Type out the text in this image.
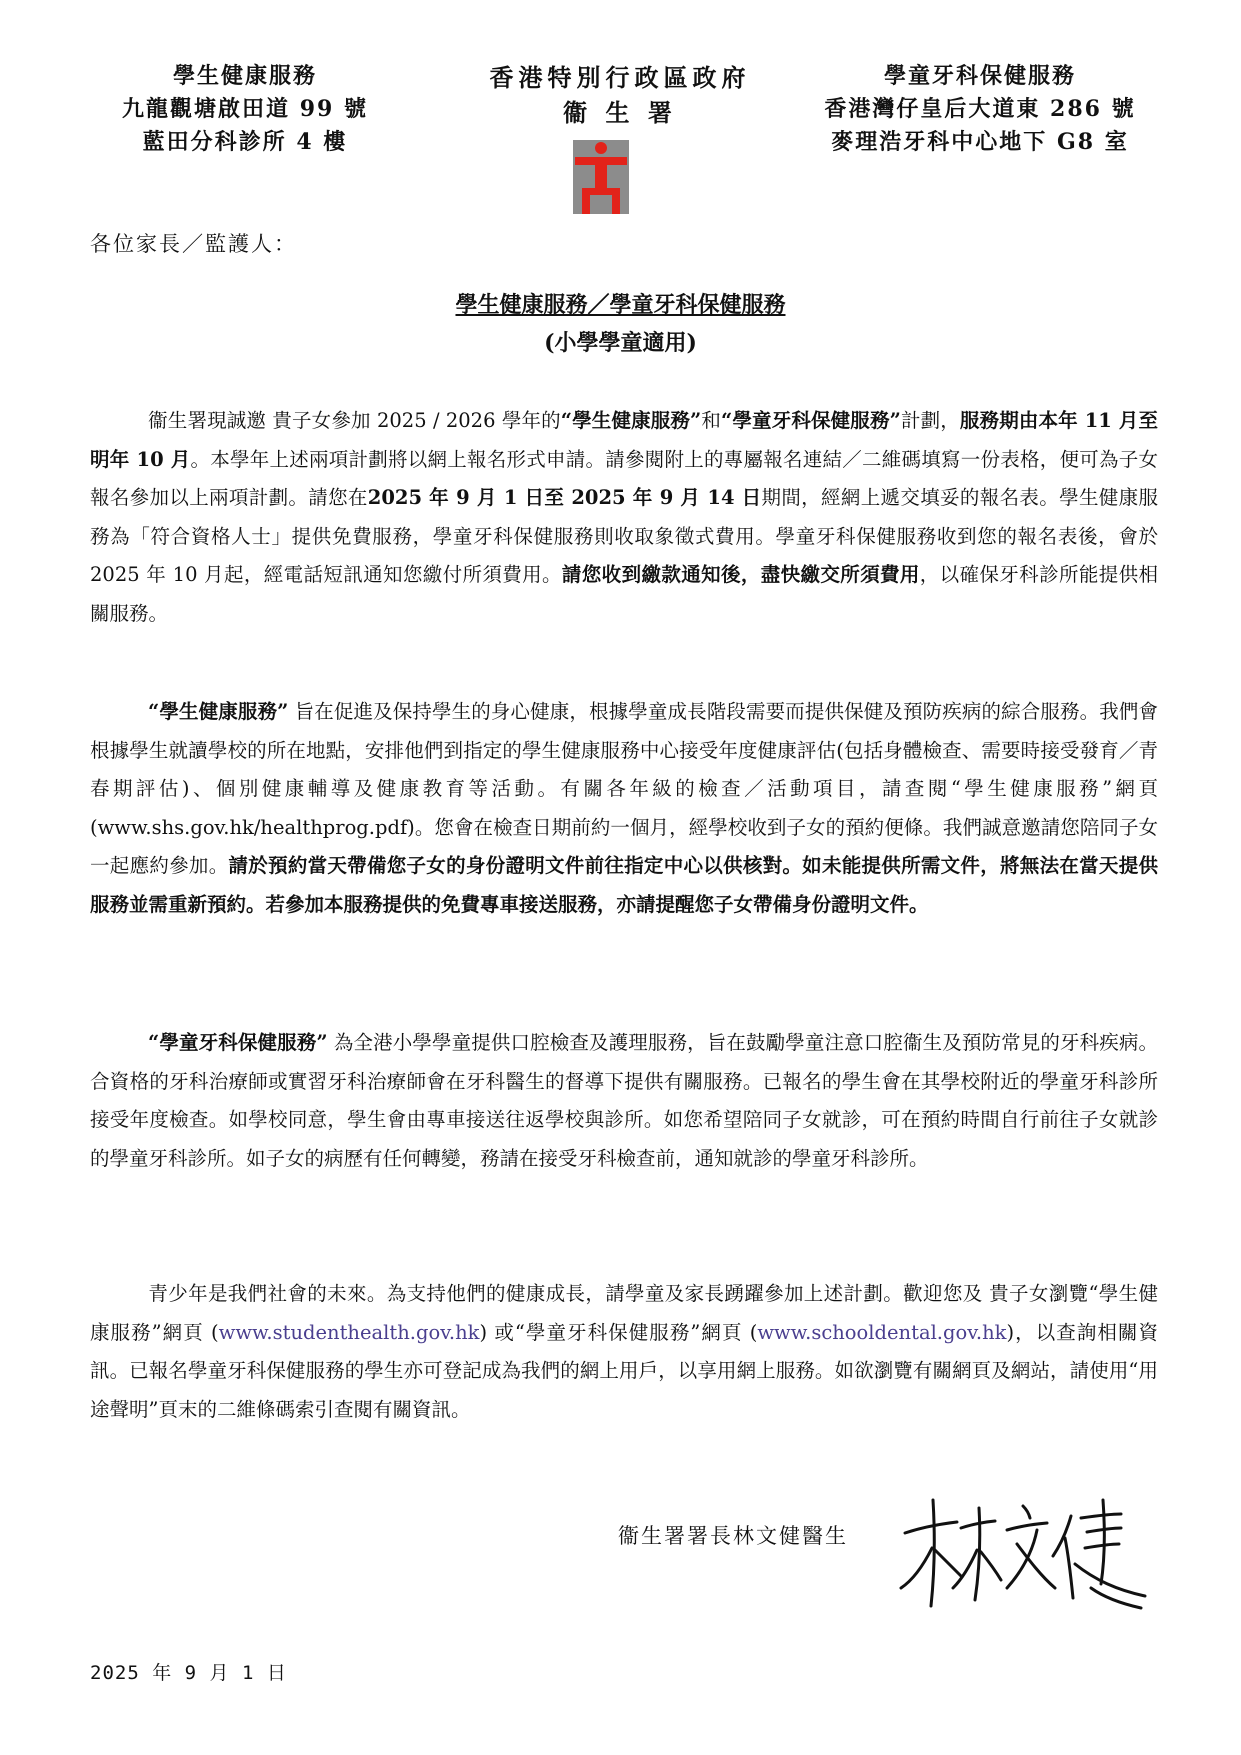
學生健康服務
九龍觀塘啟田道 99 號
藍田分科診所 4 樓
香港特別行政區政府
衞 生 署
學童牙科保健服務
香港灣仔皇后大道東 286 號
麥理浩牙科中心地下 G8 室
各位家長／監護人：
學生健康服務／學童牙科保健服務
(小學學童適用)
衞生署現誠邀 貴子女參加 2025 / 2026 學年的“學生健康服務”和“學童牙科保健服務”計劃，服務期由本年 11 月至明年 10 月。本學年上述兩項計劃將以網上報名形式申請。請參閱附上的專屬報名連結／二維碼填寫一份表格，便可為子女報名參加以上兩項計劃。請您在2025 年 9 月 1 日至 2025 年 9 月 14 日期間，經網上遞交填妥的報名表。學生健康服務為「符合資格人士」提供免費服務，學童牙科保健服務則收取象徵式費用。學童牙科保健服務收到您的報名表後，會於 2025 年 10 月起，經電話短訊通知您繳付所須費用。請您收到繳款通知後，盡快繳交所須費用，以確保牙科診所能提供相關服務。
“學生健康服務” 旨在促進及保持學生的身心健康，根據學童成長階段需要而提供保健及預防疾病的綜合服務。我們會根據學生就讀學校的所在地點，安排他們到指定的學生健康服務中心接受年度健康評估(包括身體檢查、需要時接受發育／青春期評估)、個別健康輔導及健康教育等活動。有關各年級的檢查／活動項目，請查閱“學生健康服務”網頁(www.shs.gov.hk/healthprog.pdf)。您會在檢查日期前約一個月，經學校收到子女的預約便條。我們誠意邀請您陪同子女一起應約參加。請於預約當天帶備您子女的身份證明文件前往指定中心以供核對。如未能提供所需文件，將無法在當天提供服務並需重新預約。若參加本服務提供的免費專車接送服務，亦請提醒您子女帶備身份證明文件。
“學童牙科保健服務” 為全港小學學童提供口腔檢查及護理服務，旨在鼓勵學童注意口腔衞生及預防常見的牙科疾病。合資格的牙科治療師或實習牙科治療師會在牙科醫生的督導下提供有關服務。已報名的學生會在其學校附近的學童牙科診所接受年度檢查。如學校同意，學生會由專車接送往返學校與診所。如您希望陪同子女就診，可在預約時間自行前往子女就診的學童牙科診所。如子女的病歷有任何轉變，務請在接受牙科檢查前，通知就診的學童牙科診所。
青少年是我們社會的未來。為支持他們的健康成長，請學童及家長踴躍參加上述計劃。歡迎您及 貴子女瀏覽“學生健康服務”網頁 (www.studenthealth.gov.hk) 或“學童牙科保健服務”網頁 (www.schooldental.gov.hk)，以查詢相關資訊。已報名學童牙科保健服務的學生亦可登記成為我們的網上用戶，以享用網上服務。如欲瀏覽有關網頁及網站，請使用“用途聲明”頁末的二維條碼索引查閱有關資訊。
衞生署署長林文健醫生
2025 年 9 月 1 日
